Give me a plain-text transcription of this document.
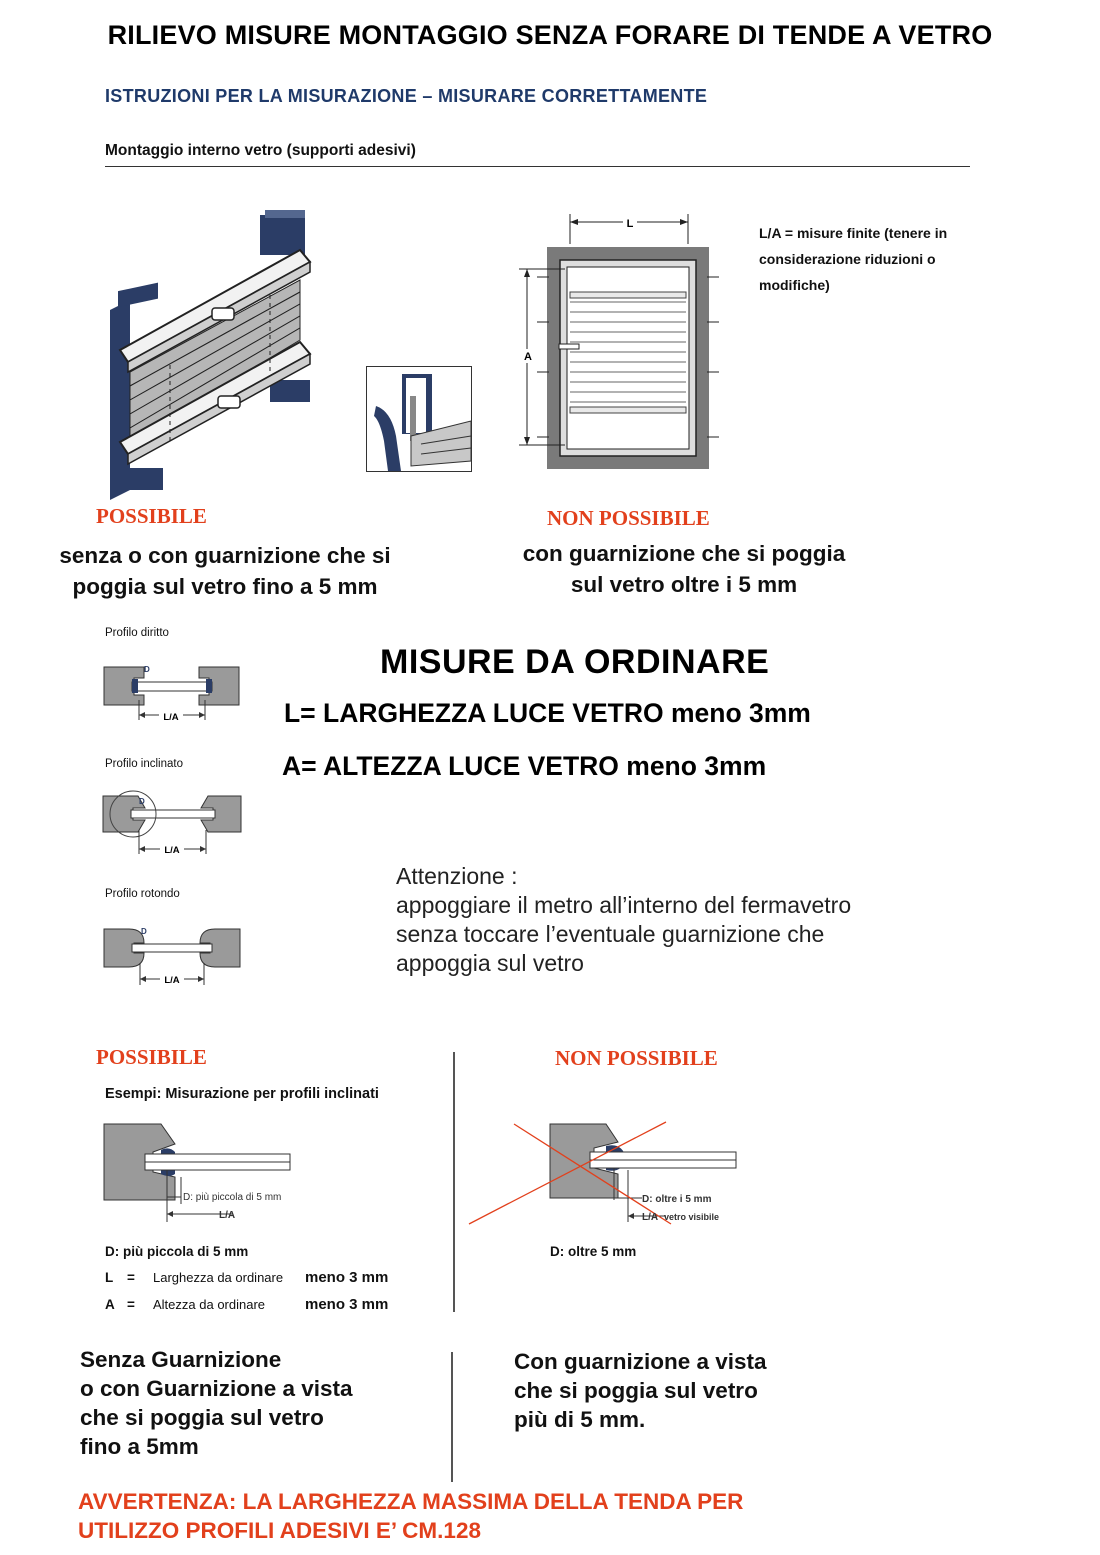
RILIEVO MISURE MONTAGGIO SENZA FORARE DI TENDE A VETRO
ISTRUZIONI PER LA MISURAZIONE – MISURARE CORRETTAMENTE
Montaggio interno vetro (supporti adesivi)
L
A
L/A = misure finite (tenere in
considerazione riduzioni o
modifiche)
POSSIBILE	NON POSSIBILE
senza o con guarnizione che si
poggia sul vetro fino a 5 mm
con guarnizione che si poggia
sul vetro oltre i 5 mm
Profilo diritto
L/A
D
Profilo inclinato
L/A
D
Profilo rotondo
L/A
D
MISURE DA ORDINARE
L= LARGHEZZA LUCE VETRO meno 3mm
A= ALTEZZA LUCE VETRO meno 3mm
Attenzione :
appoggiare il metro all’interno del fermavetro
senza toccare l’eventuale guarnizione che
appoggia sul vetro
POSSIBILE	NON POSSIBILE
Esempi: Misurazione per profili inclinati
D: più piccola di 5 mm
L/A
D: più piccola di 5 mm
L = Larghezza da ordinare meno 3 mm
A = Altezza da ordinare	meno 3 mm
D: oltre i 5 mm
L/A vetro visibile
D: oltre 5 mm
Senza Guarnizione
o con Guarnizione a vista
che si poggia sul vetro
fino a 5mm
Con guarnizione a vista
che si poggia sul vetro
più di 5 mm.
AVVERTENZA: LA LARGHEZZA MASSIMA DELLA TENDA PER
UTILIZZO PROFILI ADESIVI E’ CM.128
